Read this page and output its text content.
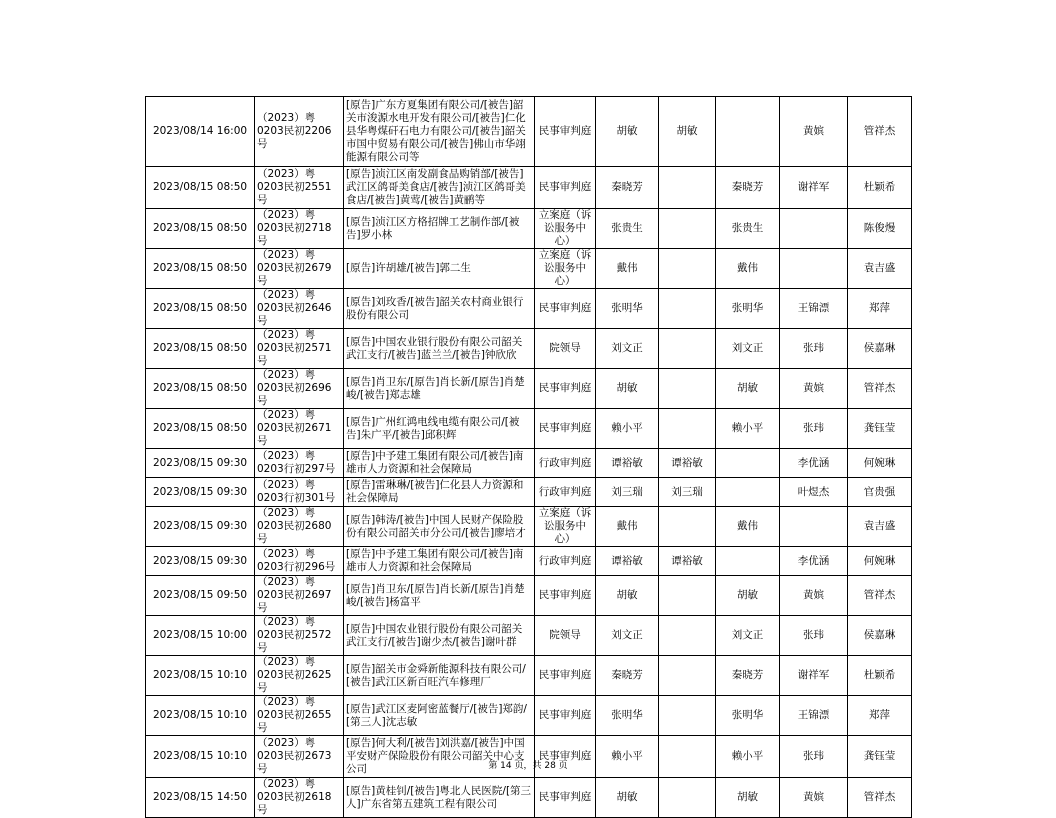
2023/08/14 16:00	（2023）粤0203民初2206号	[原告]广东方夏集团有限公司/[被告]韶关市浚源水电开发有限公司/[被告]仁化县华粤煤矸石电力有限公司/[被告]韶关市国中贸易有限公司/[被告]佛山市华翊能源有限公司等	民事审判庭	胡敏	胡敏		黄嫔	管祥杰
2023/08/15 08:50	（2023）粤0203民初2551号	[原告]浈江区南发副食品购销部/[被告]武江区鸽哥美食店/[被告]浈江区鸽哥美食店/[被告]黄莺/[被告]黄鹂等	民事审判庭	秦晓芳		秦晓芳	谢祥军	杜颖希
2023/08/15 08:50	（2023）粤0203民初2718号	[原告]浈江区方格招牌工艺制作部/[被告]罗小林	立案庭（诉讼服务中心）	张贵生		张贵生		陈俊熳
2023/08/15 08:50	（2023）粤0203民初2679号	[原告]许胡雄/[被告]郭二生	立案庭（诉讼服务中心）	戴伟		戴伟		袁吉盛
2023/08/15 08:50	（2023）粤0203民初2646号	[原告]刘玫香/[被告]韶关农村商业银行股份有限公司	民事审判庭	张明华		张明华	王锦漂	郑萍
2023/08/15 08:50	（2023）粤0203民初2571号	[原告]中国农业银行股份有限公司韶关武江支行/[被告]蓝兰兰/[被告]钟欣欣	院领导	刘文正		刘文正	张玮	侯嘉琳
2023/08/15 08:50	（2023）粤0203民初2696号	[原告]肖卫东/[原告]肖长新/[原告]肖楚峻/[被告]郑志雄	民事审判庭	胡敏		胡敏	黄嫔	管祥杰
2023/08/15 08:50	（2023）粤0203民初2671号	[原告]广州红鸿电线电缆有限公司/[被告]朱广平/[被告]邱积辉	民事审判庭	赖小平		赖小平	张玮	龚钰莹
2023/08/15 09:30	（2023）粤0203行初297号	[原告]中予建工集团有限公司/[被告]南雄市人力资源和社会保障局	行政审判庭	谭裕敏	谭裕敏		李优涵	何婉琳
2023/08/15 09:30	（2023）粤0203行初301号	[原告]雷琳琳/[被告]仁化县人力资源和社会保障局	行政审判庭	刘三瑞	刘三瑞		叶煜杰	官贵强
2023/08/15 09:30	（2023）粤0203民初2680号	[原告]韩涛/[被告]中国人民财产保险股份有限公司韶关市分公司/[被告]廖培才	立案庭（诉讼服务中心）	戴伟		戴伟		袁吉盛
2023/08/15 09:30	（2023）粤0203行初296号	[原告]中予建工集团有限公司/[被告]南雄市人力资源和社会保障局	行政审判庭	谭裕敏	谭裕敏		李优涵	何婉琳
2023/08/15 09:50	（2023）粤0203民初2697号	[原告]肖卫东/[原告]肖长新/[原告]肖楚峻/[被告]杨富平	民事审判庭	胡敏		胡敏	黄嫔	管祥杰
2023/08/15 10:00	（2023）粤0203民初2572号	[原告]中国农业银行股份有限公司韶关武江支行/[被告]谢少杰/[被告]谢叶群	院领导	刘文正		刘文正	张玮	侯嘉琳
2023/08/15 10:10	（2023）粤0203民初2625号	[原告]韶关市金舜新能源科技有限公司/[被告]武江区新百旺汽车修理厂	民事审判庭	秦晓芳		秦晓芳	谢祥军	杜颖希
2023/08/15 10:10	（2023）粤0203民初2655号	[原告]武江区麦阿密蓝餐厅/[被告]郑韵/[第三人]沈志敏	民事审判庭	张明华		张明华	王锦漂	郑萍
2023/08/15 10:10	（2023）粤0203民初2673号	[原告]何大利/[被告]刘洪嘉/[被告]中国平安财产保险股份有限公司韶关中心支公司	民事审判庭	赖小平		赖小平	张玮	龚钰莹
2023/08/15 14:50	（2023）粤0203民初2618号	[原告]黄桂钊/[被告]粤北人民医院/[第三人]广东省第五建筑工程有限公司	民事审判庭	胡敏		胡敏	黄嫔	管祥杰
第 14 页，共 28 页
